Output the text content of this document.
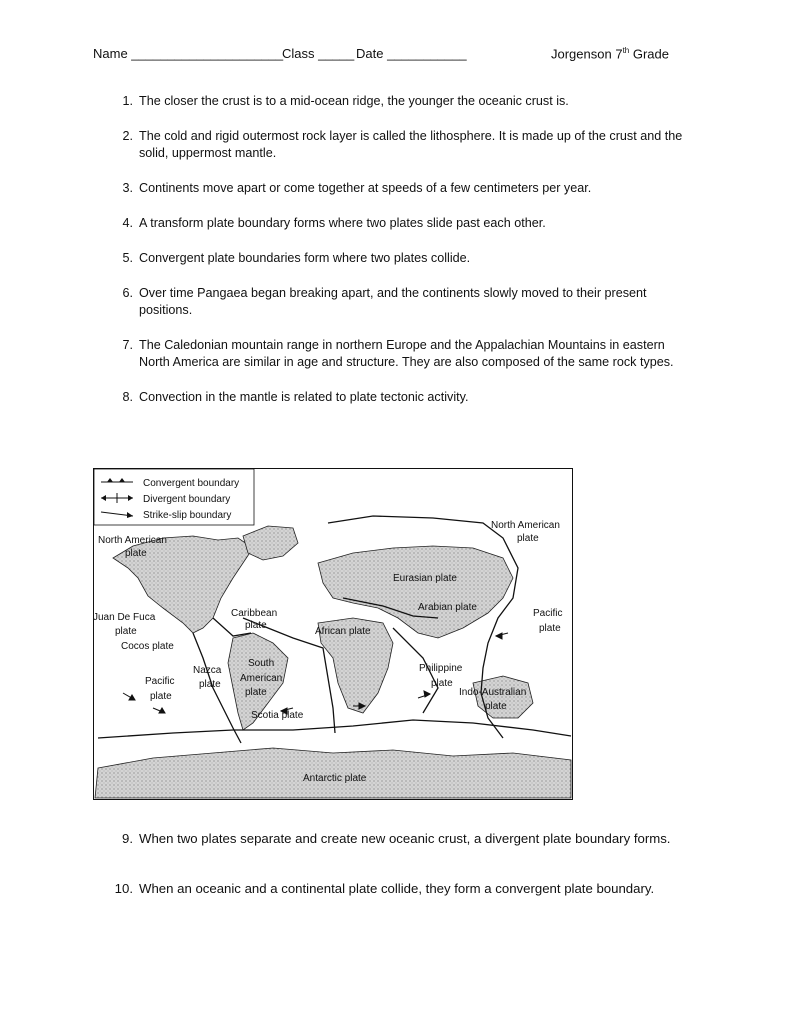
Name _____________________
Class _____ Date ___________	Jorgenson 7th Grade
1. The closer the crust is to a mid-ocean ridge, the younger the oceanic crust is.
2. The cold and rigid outermost rock layer is called the lithosphere. It is made up of the crust and the solid, uppermost mantle.
3. Continents move apart or come together at speeds of a few centimeters per year.
4. A transform plate boundary forms where two plates slide past each other.
5. Convergent plate boundaries form where two plates collide.
6. Over time Pangaea began breaking apart, and the continents slowly moved to their present positions.
7. The Caledonian mountain range in northern Europe and the Appalachian Mountains in eastern North America are similar in age and structure. They are also composed of the same rock types.
8. Convection in the mantle is related to plate tectonic activity.
Convergent boundary
Divergent boundary
Strike-slip boundary
North American
plate
North American
plate
Eurasian plate
Arabian plate
Pacific
plate
Juan De Fuca
plate
Caribbean
plate
African plate
Cocos plate
Nazca
plate
South
American
plate
Pacific
plate
Philippine
plate
Indo-Australian
plate
Scotia plate
Antarctic plate
9. When two plates separate and create new oceanic crust, a divergent plate boundary forms.
10. When an oceanic and a continental plate collide, they form a convergent plate boundary.
